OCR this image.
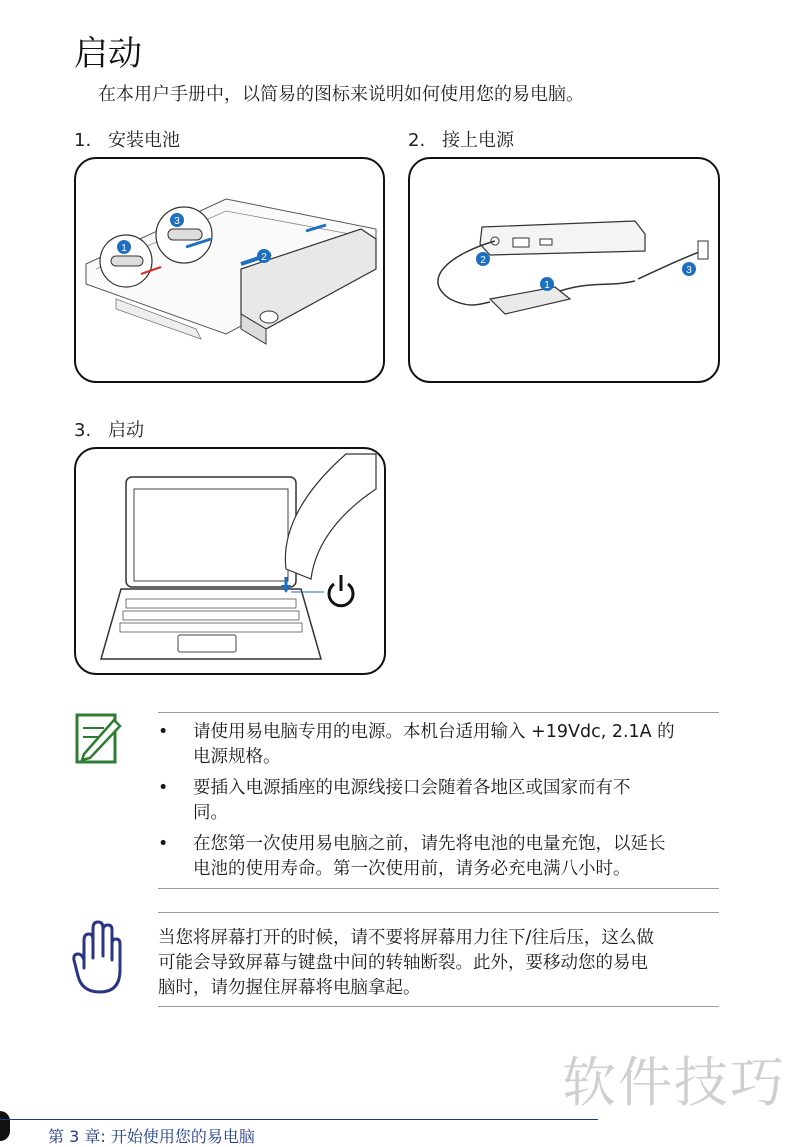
启动
在本用户手册中，以简易的图标来说明如何使用您的易电脑。
1. 安装电池
1
3
2
2. 接上电源
2
1
3
3. 启动
• 请使用易电脑专用的电源。本机台适用输入 +19Vdc, 2.1A 的
电源规格。
• 要插入电源插座的电源线接口会随着各地区或国家而有不
同。
• 在您第一次使用易电脑之前，请先将电池的电量充饱，以延长
电池的使用寿命。第一次使用前，请务必充电满八小时。
当您将屏幕打开的时候，请不要将屏幕用力往下/往后压，这么做
可能会导致屏幕与键盘中间的转轴断裂。此外，要移动您的易电
脑时，请勿握住屏幕将电脑拿起。
软件技巧
第 3 章: 开始使用您的易电脑
